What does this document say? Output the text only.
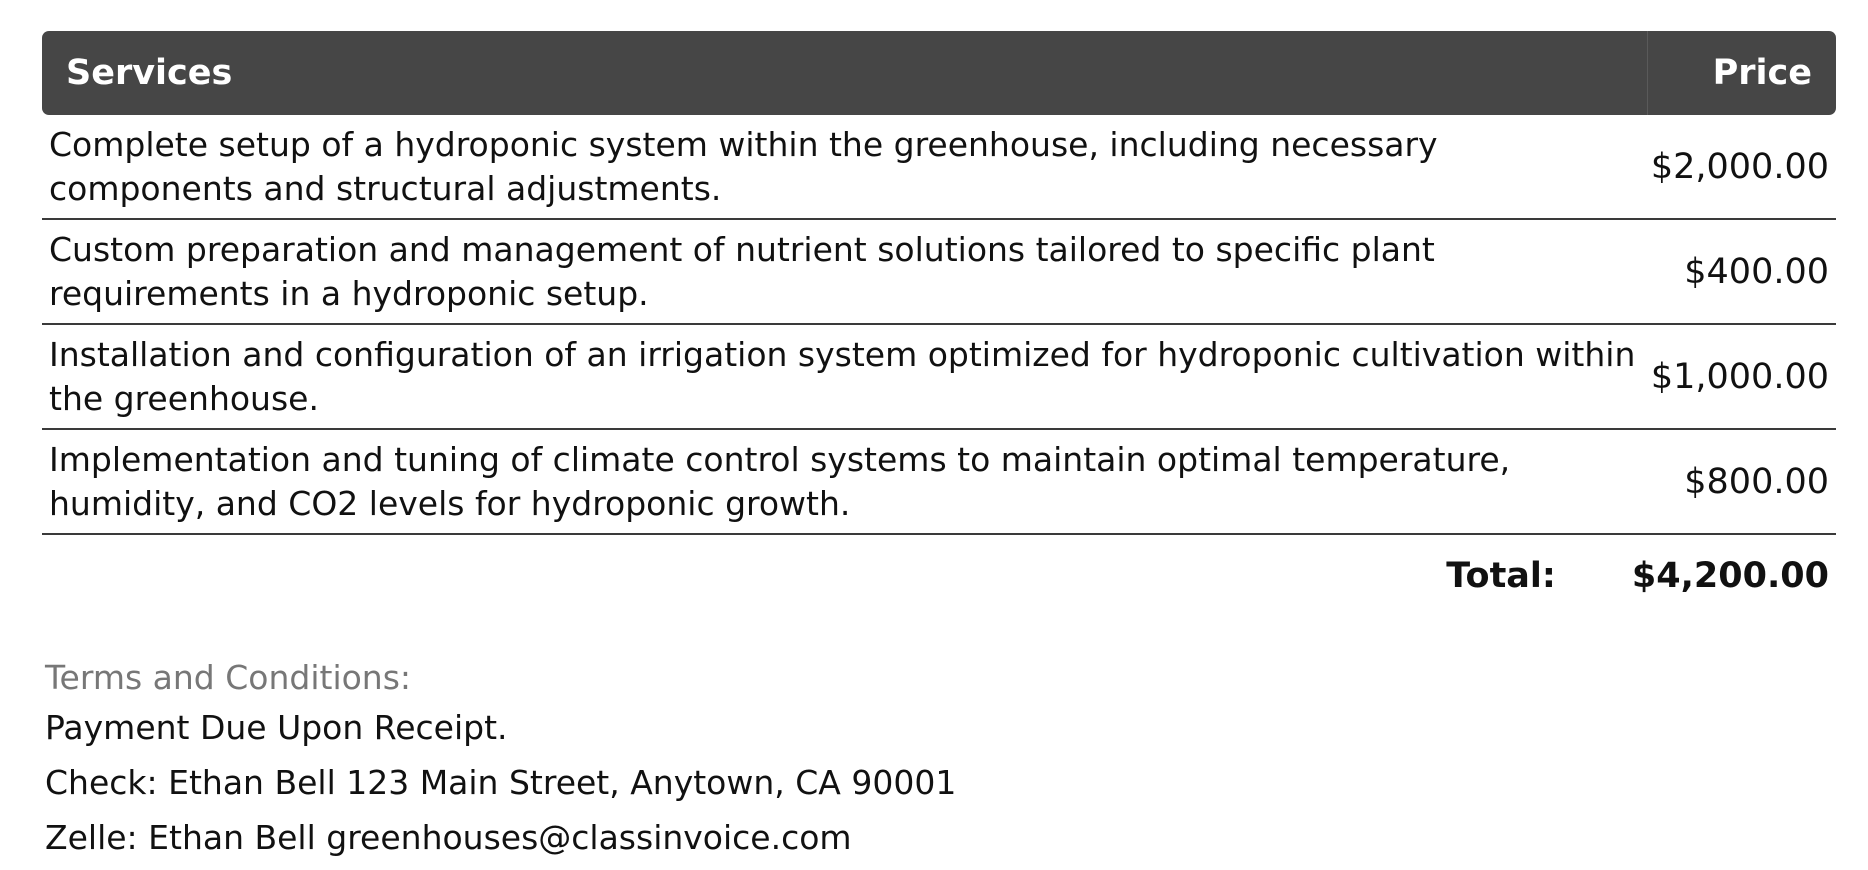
Services	Price
Complete setup of a hydroponic system within the greenhouse, including necessary components and structural adjustments.
$2,000.00
Custom preparation and management of nutrient solutions tailored to specific plant requirements in a hydroponic setup.
$400.00
Installation and configuration of an irrigation system optimized for hydroponic cultivation within the greenhouse.
$1,000.00
Implementation and tuning of climate control systems to maintain optimal temperature, humidity, and CO2 levels for hydroponic growth.
$800.00
Total: $4,200.00
Terms and Conditions:
Payment Due Upon Receipt.
Check: Ethan Bell 123 Main Street, Anytown, CA 90001
Zelle: Ethan Bell greenhouses@classinvoice.com
